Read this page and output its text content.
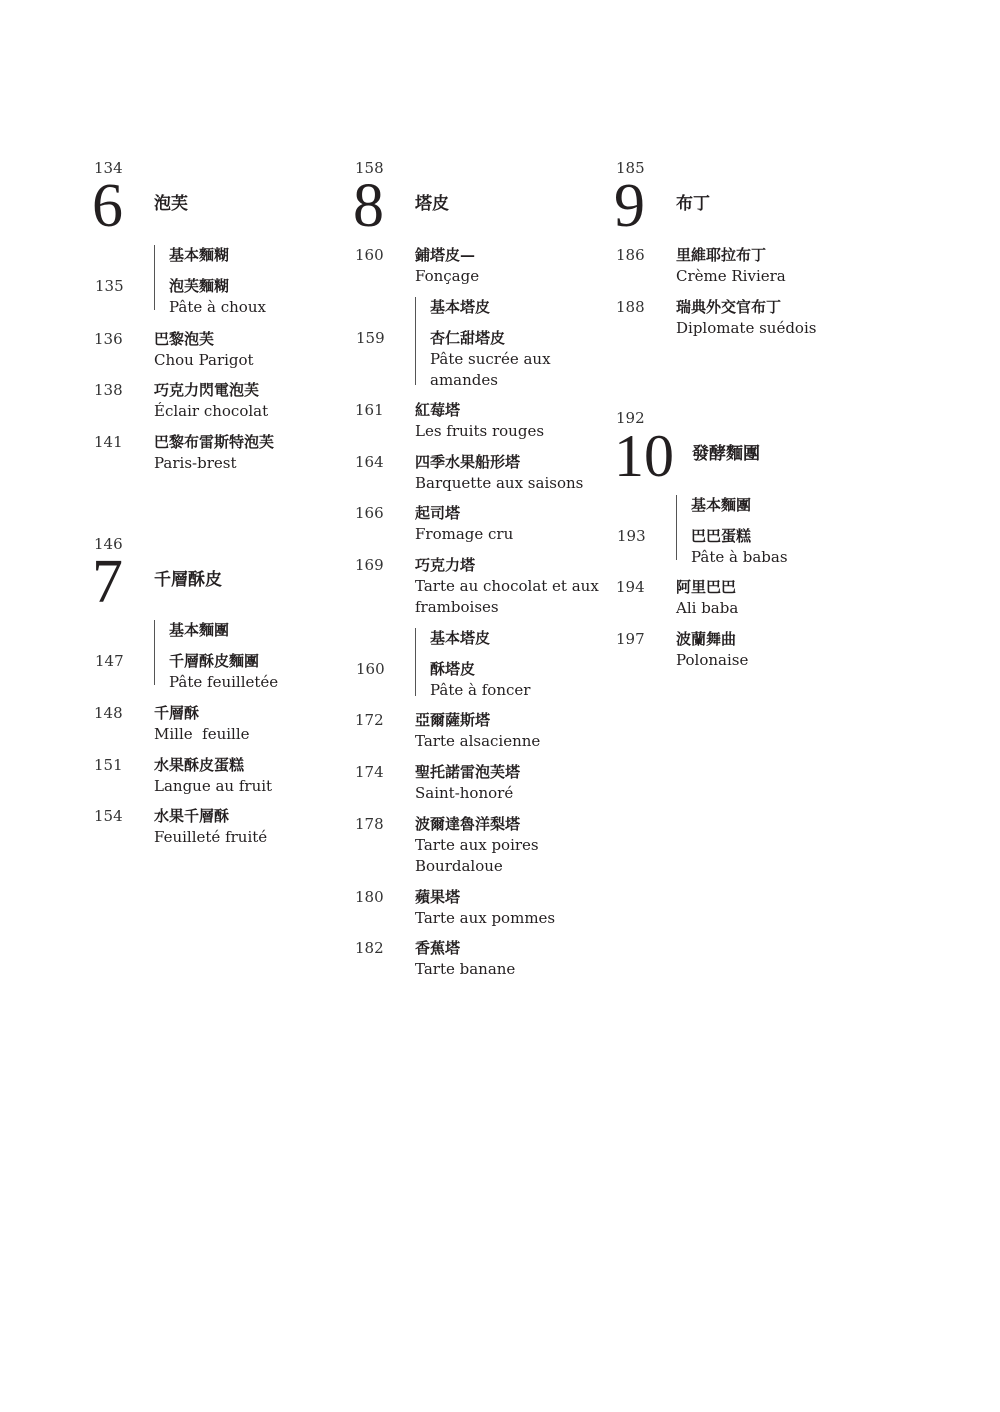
134
6 泡芙
基本麵糊
135	泡芙麵糊
Pâte à choux
136 巴黎泡芙
Chou Parigot
138 巧克力閃電泡芙
Éclair chocolat
141 巴黎布雷斯特泡芙
Paris-brest
146
7 千層酥皮
基本麵團
147	千層酥皮麵團
Pâte feuilletée
148 千層酥
Mille  feuille
151 水果酥皮蛋糕
Langue au fruit
154 水果千層酥
Feuilleté fruité
158
8 塔皮
160 鋪塔皮—
Fonçage
基本塔皮
159	杏仁甜塔皮
Pâte sucrée aux amandes
161 紅莓塔
Les fruits rouges
164 四季水果船形塔
Barquette aux saisons
166 起司塔
Fromage cru
169 巧克力塔
Tarte au chocolat et aux framboises
基本塔皮
160	酥塔皮
Pâte à foncer
172 亞爾薩斯塔
Tarte alsacienne
174 聖托諾雷泡芙塔
Saint-honoré
178 波爾達魯洋梨塔
Tarte aux poires Bourdaloue
180 蘋果塔
Tarte aux pommes
182 香蕉塔
Tarte banane
185
9 布丁
186 里維耶拉布丁
Crème Riviera
188 瑞典外交官布丁
Diplomate suédois
192
10 發酵麵團
基本麵團
193	巴巴蛋糕
Pâte à babas
194 阿里巴巴
Ali baba
197 波蘭舞曲
Polonaise
